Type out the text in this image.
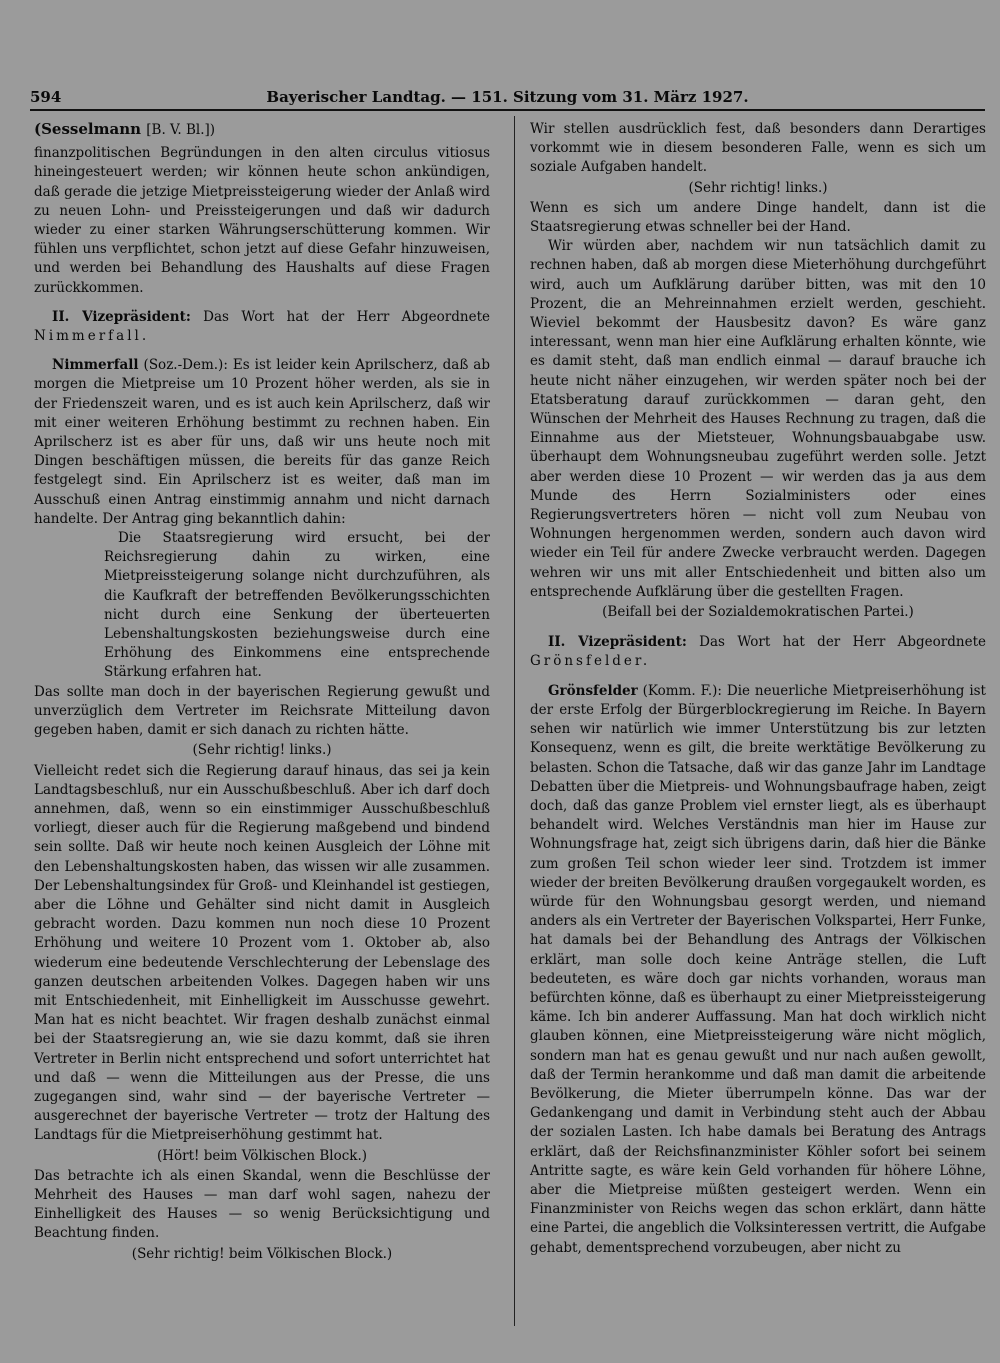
594	Bayerischer Landtag. — 151. Sitzung vom 31. März 1927.

(Sesselmann [B. V. Bl.])

finanzpolitischen Begründungen in den alten circulus vitiosus hineingesteuert werden; wir können heute schon ankündigen, daß gerade die jetzige Mietpreissteigerung wieder der Anlaß wird zu neuen Lohn- und Preissteigerungen und daß wir dadurch wieder zu einer starken Währungserschütterung kommen. Wir fühlen uns verpflichtet, schon jetzt auf diese Gefahr hinzuweisen, und werden bei Behandlung des Haushalts auf diese Fragen zurückkommen.

II. Vizepräsident: Das Wort hat der Herr Abgeordnete Nimmerfall.

Nimmerfall (Soz.-Dem.): Es ist leider kein Aprilscherz, daß ab morgen die Mietpreise um 10 Prozent höher werden, als sie in der Friedenszeit waren, und es ist auch kein Aprilscherz, daß wir mit einer weiteren Erhöhung bestimmt zu rechnen haben. Ein Aprilscherz ist es aber für uns, daß wir uns heute noch mit Dingen beschäftigen müssen, die bereits für das ganze Reich festgelegt sind. Ein Aprilscherz ist es weiter, daß man im Ausschuß einen Antrag einstimmig annahm und nicht darnach handelte. Der Antrag ging bekanntlich dahin:

Die Staatsregierung wird ersucht, bei der Reichsregierung dahin zu wirken, eine Mietpreissteigerung solange nicht durchzuführen, als die Kaufkraft der betreffenden Bevölkerungsschichten nicht durch eine Senkung der überteuerten Lebenshaltungskosten beziehungsweise durch eine Erhöhung des Einkommens eine entsprechende Stärkung erfahren hat.

Das sollte man doch in der bayerischen Regierung gewußt und unverzüglich dem Vertreter im Reichsrate Mitteilung davon gegeben haben, damit er sich danach zu richten hätte.

(Sehr richtig! links.)

Vielleicht redet sich die Regierung darauf hinaus, das sei ja kein Landtagsbeschluß, nur ein Ausschußbeschluß. Aber ich darf doch annehmen, daß, wenn so ein einstimmiger Ausschußbeschluß vorliegt, dieser auch für die Regierung maßgebend und bindend sein sollte. Daß wir heute noch keinen Ausgleich der Löhne mit den Lebenshaltungskosten haben, das wissen wir alle zusammen. Der Lebenshaltungsindex für Groß- und Kleinhandel ist gestiegen, aber die Löhne und Gehälter sind nicht damit in Ausgleich gebracht worden. Dazu kommen nun noch diese 10 Prozent Erhöhung und weitere 10 Prozent vom 1. Oktober ab, also wiederum eine bedeutende Verschlechterung der Lebenslage des ganzen deutschen arbeitenden Volkes. Dagegen haben wir uns mit Entschiedenheit, mit Einhelligkeit im Ausschusse gewehrt. Man hat es nicht beachtet. Wir fragen deshalb zunächst einmal bei der Staatsregierung an, wie sie dazu kommt, daß sie ihren Vertreter in Berlin nicht entsprechend und sofort unterrichtet hat und daß — wenn die Mitteilungen aus der Presse, die uns zugegangen sind, wahr sind — der bayerische Vertreter — ausgerechnet der bayerische Vertreter — trotz der Haltung des Landtags für die Mietpreiserhöhung gestimmt hat.

(Hört! beim Völkischen Block.)

Das betrachte ich als einen Skandal, wenn die Beschlüsse der Mehrheit des Hauses — man darf wohl sagen, nahezu der Einhelligkeit des Hauses — so wenig Berücksichtigung und Beachtung finden.

(Sehr richtig! beim Völkischen Block.)

Wir stellen ausdrücklich fest, daß besonders dann Derartiges vorkommt wie in diesem besonderen Falle, wenn es sich um soziale Aufgaben handelt.

(Sehr richtig! links.)

Wenn es sich um andere Dinge handelt, dann ist die Staatsregierung etwas schneller bei der Hand.

Wir würden aber, nachdem wir nun tatsächlich damit zu rechnen haben, daß ab morgen diese Mieterhöhung durchgeführt wird, auch um Aufklärung darüber bitten, was mit den 10 Prozent, die an Mehreinnahmen erzielt werden, geschieht. Wieviel bekommt der Hausbesitz davon? Es wäre ganz interessant, wenn man hier eine Aufklärung erhalten könnte, wie es damit steht, daß man endlich einmal — darauf brauche ich heute nicht näher einzugehen, wir werden später noch bei der Etatsberatung darauf zurückkommen — daran geht, den Wünschen der Mehrheit des Hauses Rechnung zu tragen, daß die Einnahme aus der Mietsteuer, Wohnungsbauabgabe usw. überhaupt dem Wohnungsneubau zugeführt werden solle. Jetzt aber werden diese 10 Prozent — wir werden das ja aus dem Munde des Herrn Sozialministers oder eines Regierungsvertreters hören — nicht voll zum Neubau von Wohnungen hergenommen werden, sondern auch davon wird wieder ein Teil für andere Zwecke verbraucht werden. Dagegen wehren wir uns mit aller Entschiedenheit und bitten also um entsprechende Aufklärung über die gestellten Fragen.

(Beifall bei der Sozialdemokratischen Partei.)

II. Vizepräsident: Das Wort hat der Herr Abgeordnete Grönsfelder.

Grönsfelder (Komm. F.): Die neuerliche Mietpreiserhöhung ist der erste Erfolg der Bürgerblockregierung im Reiche. In Bayern sehen wir natürlich wie immer Unterstützung bis zur letzten Konsequenz, wenn es gilt, die breite werktätige Bevölkerung zu belasten. Schon die Tatsache, daß wir das ganze Jahr im Landtage Debatten über die Mietpreis- und Wohnungsbaufrage haben, zeigt doch, daß das ganze Problem viel ernster liegt, als es überhaupt behandelt wird. Welches Verständnis man hier im Hause zur Wohnungsfrage hat, zeigt sich übrigens darin, daß hier die Bänke zum großen Teil schon wieder leer sind. Trotzdem ist immer wieder der breiten Bevölkerung draußen vorgegaukelt worden, es würde für den Wohnungsbau gesorgt werden, und niemand anders als ein Vertreter der Bayerischen Volkspartei, Herr Funke, hat damals bei der Behandlung des Antrags der Völkischen erklärt, man solle doch keine Anträge stellen, die Luft bedeuteten, es wäre doch gar nichts vorhanden, woraus man befürchten könne, daß es überhaupt zu einer Mietpreissteigerung käme. Ich bin anderer Auffassung. Man hat doch wirklich nicht glauben können, eine Mietpreissteigerung wäre nicht möglich, sondern man hat es genau gewußt und nur nach außen gewollt, daß der Termin herankomme und daß man damit die arbeitende Bevölkerung, die Mieter überrumpeln könne. Das war der Gedankengang und damit in Verbindung steht auch der Abbau der sozialen Lasten. Ich habe damals bei Beratung des Antrags erklärt, daß der Reichsfinanzminister Köhler sofort bei seinem Antritte sagte, es wäre kein Geld vorhanden für höhere Löhne, aber die Mietpreise müßten gesteigert werden. Wenn ein Finanzminister von Reichs wegen das schon erklärt, dann hätte eine Partei, die angeblich die Volksinteressen vertritt, die Aufgabe gehabt, dementsprechend vorzubeugen, aber nicht zu
